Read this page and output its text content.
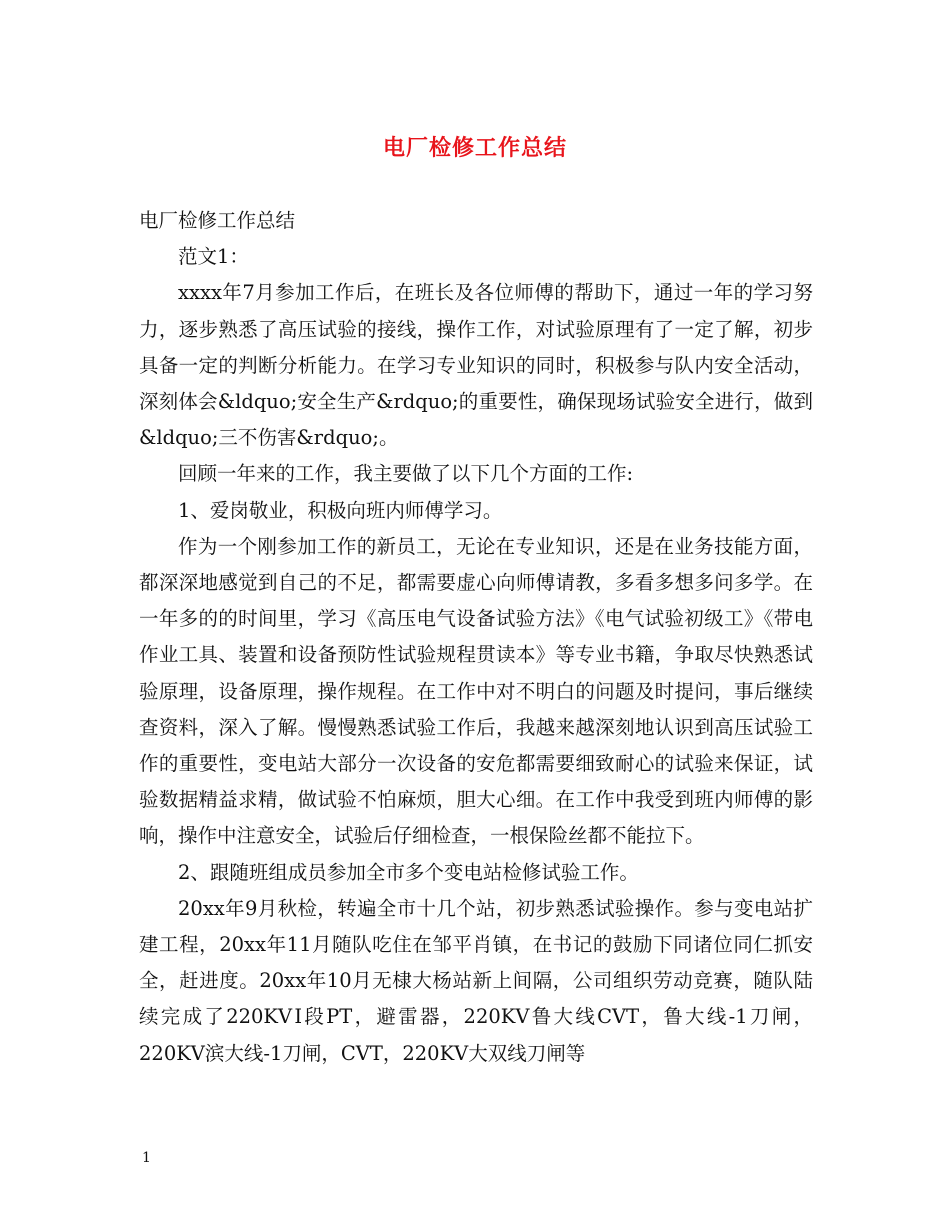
电厂检修工作总结

电厂检修工作总结

范文1：

xxxx年7月参加工作后，在班长及各位师傅的帮助下，通过一年的学习努力，逐步熟悉了高压试验的接线，操作工作，对试验原理有了一定了解，初步具备一定的判断分析能力。在学习专业知识的同时，积极参与队内安全活动，深刻体会&ldquo;安全生产&rdquo;的重要性，确保现场试验安全进行，做到&ldquo;三不伤害&rdquo;。

回顾一年来的工作，我主要做了以下几个方面的工作:

1、爱岗敬业，积极向班内师傅学习。

作为一个刚参加工作的新员工，无论在专业知识，还是在业务技能方面，都深深地感觉到自己的不足，都需要虚心向师傅请教，多看多想多问多学。在一年多的的时间里，学习《高压电气设备试验方法》《电气试验初级工》《带电作业工具、装置和设备预防性试验规程贯读本》等专业书籍，争取尽快熟悉试验原理，设备原理，操作规程。在工作中对不明白的问题及时提问，事后继续查资料，深入了解。慢慢熟悉试验工作后，我越来越深刻地认识到高压试验工作的重要性，变电站大部分一次设备的安危都需要细致耐心的试验来保证，试验数据精益求精，做试验不怕麻烦，胆大心细。在工作中我受到班内师傅的影响，操作中注意安全，试验后仔细检查，一根保险丝都不能拉下。

2、跟随班组成员参加全市多个变电站检修试验工作。

20xx年9月秋检，转遍全市十几个站，初步熟悉试验操作。参与变电站扩建工程，20xx年11月随队吃住在邹平肖镇，在书记的鼓励下同诸位同仁抓安全，赶进度。20xx年10月无棣大杨站新上间隔，公司组织劳动竞赛，随队陆续完成了220KVⅠ段PT，避雷器，220KV鲁大线CVT，鲁大线-1刀闸，220KV滨大线-1刀闸，CVT，220KV大双线刀闸等

1
